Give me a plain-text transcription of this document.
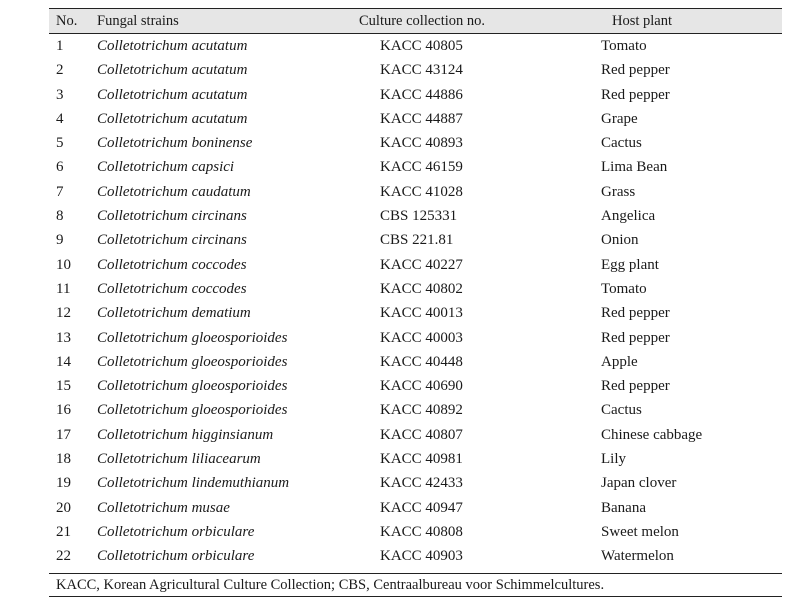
No. Fungal strains	Culture collection no.	Host plant
1 Colletotrichum acutatum	KACC 40805	Tomato
2 Colletotrichum acutatum	KACC 43124	Red pepper
3 Colletotrichum acutatum	KACC 44886	Red pepper
4 Colletotrichum acutatum	KACC 44887	Grape
5 Colletotrichum boninense	KACC 40893	Cactus
6 Colletotrichum capsici	KACC 46159	Lima Bean
7 Colletotrichum caudatum	KACC 41028	Grass
8 Colletotrichum circinans	CBS 125331	Angelica
9 Colletotrichum circinans	CBS 221.81	Onion
10 Colletotrichum coccodes	KACC 40227	Egg plant
11 Colletotrichum coccodes	KACC 40802	Tomato
12 Colletotrichum dematium	KACC 40013	Red pepper
13 Colletotrichum gloeosporioides	KACC 40003	Red pepper
14 Colletotrichum gloeosporioides	KACC 40448	Apple
15 Colletotrichum gloeosporioides	KACC 40690	Red pepper
16 Colletotrichum gloeosporioides	KACC 40892	Cactus
17 Colletotrichum higginsianum	KACC 40807	Chinese cabbage
18 Colletotrichum liliacearum	KACC 40981	Lily
19 Colletotrichum lindemuthianum	KACC 42433	Japan clover
20 Colletotrichum musae	KACC 40947	Banana
21 Colletotrichum orbiculare	KACC 40808	Sweet melon
22 Colletotrichum orbiculare	KACC 40903	Watermelon
KACC, Korean Agricultural Culture Collection; CBS, Centraalbureau voor Schimmelcultures.
